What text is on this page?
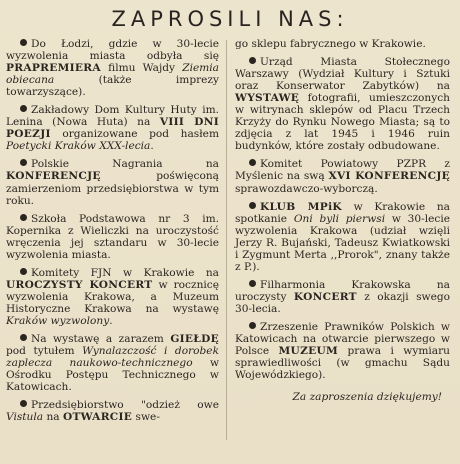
ZAPROSILI NAS:

Do Łodzi, gdzie w 30-lecie wyzwolenia miasta odbyła się PRAPREMIERA filmu Wajdy Ziemia obiecana (także imprezy towarzyszące).

Zakładowy Dom Kultury Huty im. Lenina (Nowa Huta) na VIII DNI POEZJI organizowane pod hasłem Poetycki Kraków XXX-lecia.

Polskie Nagrania na KONFERENCJĘ poświęconą zamierzeniom przedsiębiorstwa w tym roku.

Szkoła Podstawowa nr 3 im. Kopernika z Wieliczki na uroczystość wręczenia jej sztandaru w 30-lecie wyzwolenia miasta.

Komitety FJN w Krakowie na UROCZYSTY KONCERT w rocznicę wyzwolenia Krakowa, a Muzeum Historyczne Krakowa na wystawę Kraków wyzwolony.

Na wystawę a zarazem GIEŁDĘ pod tytułem Wynalazczość i dorobek zaplecza naukowo-technicznego w Ośrodku Postępu Technicznego w Katowicach.

Przedsiębiorstwo "odzież owe Vistula na OTWARCIE swe-

go sklepu fabrycznego w Krakowie.

Urząd Miasta Stołecznego Warszawy (Wydział Kultury i Sztuki oraz Konserwator Zabytków) na WYSTAWĘ fotografii, umieszczonych w witrynach sklepów od Placu Trzech Krzyży do Rynku Nowego Miasta; są to zdjęcia z lat 1945 i 1946 ruin budynków, które zostały odbudowane.

Komitet Powiatowy PZPR z Myślenic na swą XVI KONFERENCJĘ sprawozdawczo-wyborczą.

KLUB MPiK w Krakowie na spotkanie Oni byli pierwsi w 30-lecie wyzwolenia Krakowa (udział wzięli Jerzy R. Bujański, Tadeusz Kwiatkowski i Zygmunt Merta ,,Prorok", znany także z P.).

Filharmonia Krakowska na uroczysty KONCERT z okazji swego 30-lecia.

Zrzeszenie Prawników Polskich w Katowicach na otwarcie pierwszego w Polsce MUZEUM prawa i wymiaru sprawiedliwości (w gmachu Sądu Wojewódzkiego).

Za zaproszenia dziękujemy!
